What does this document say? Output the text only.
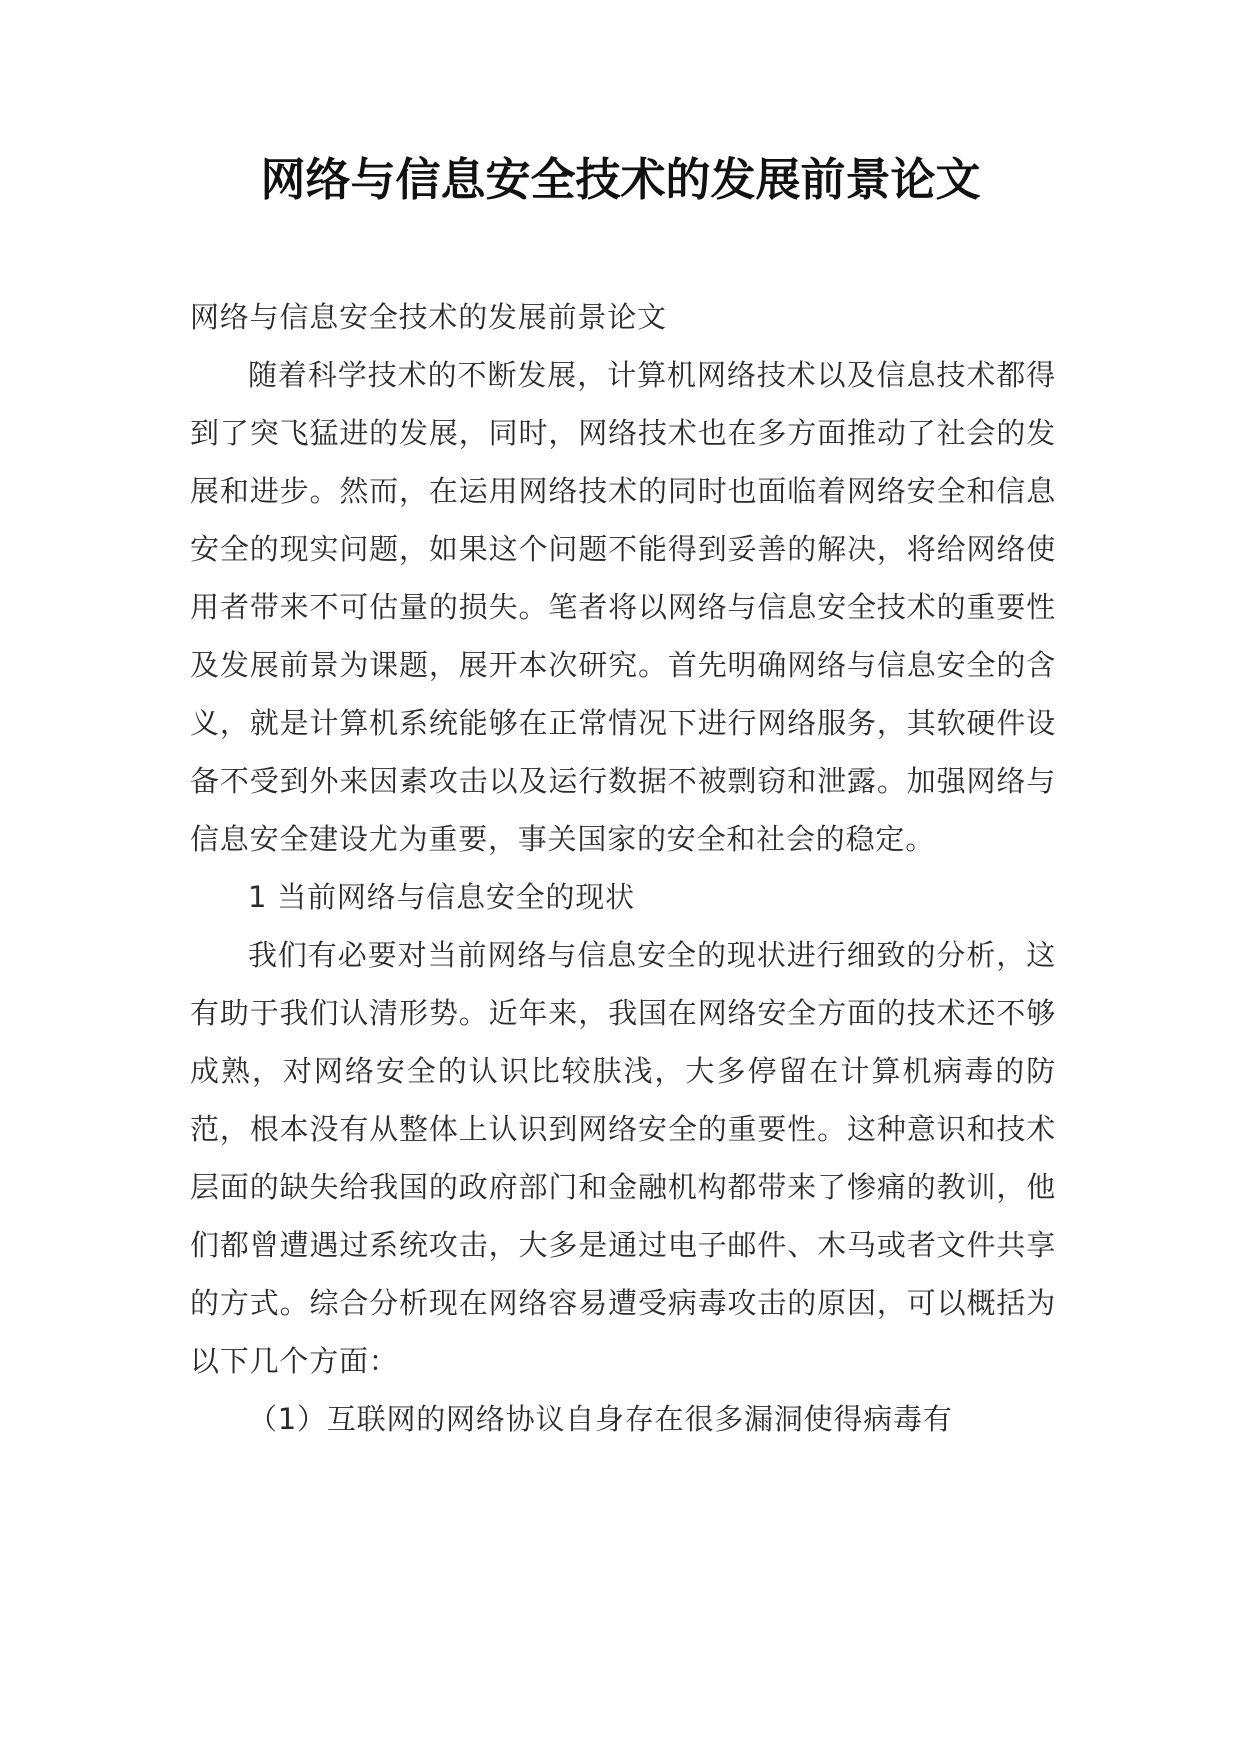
网络与信息安全技术的发展前景论文

网络与信息安全技术的发展前景论文

随着科学技术的不断发展，计算机网络技术以及信息技术都得到了突飞猛进的发展，同时，网络技术也在多方面推动了社会的发展和进步。然而，在运用网络技术的同时也面临着网络安全和信息安全的现实问题，如果这个问题不能得到妥善的解决，将给网络使用者带来不可估量的损失。笔者将以网络与信息安全技术的重要性及发展前景为课题，展开本次研究。首先明确网络与信息安全的含义，就是计算机系统能够在正常情况下进行网络服务，其软硬件设备不受到外来因素攻击以及运行数据不被剽窃和泄露。加强网络与信息安全建设尤为重要，事关国家的安全和社会的稳定。

1 当前网络与信息安全的现状

我们有必要对当前网络与信息安全的现状进行细致的分析，这有助于我们认清形势。近年来，我国在网络安全方面的技术还不够成熟，对网络安全的认识比较肤浅，大多停留在计算机病毒的防范，根本没有从整体上认识到网络安全的重要性。这种意识和技术层面的缺失给我国的政府部门和金融机构都带来了惨痛的教训，他们都曾遭遇过系统攻击，大多是通过电子邮件、木马或者文件共享的方式。综合分析现在网络容易遭受病毒攻击的原因，可以概括为以下几个方面：

（1）互联网的网络协议自身存在很多漏洞使得病毒有
